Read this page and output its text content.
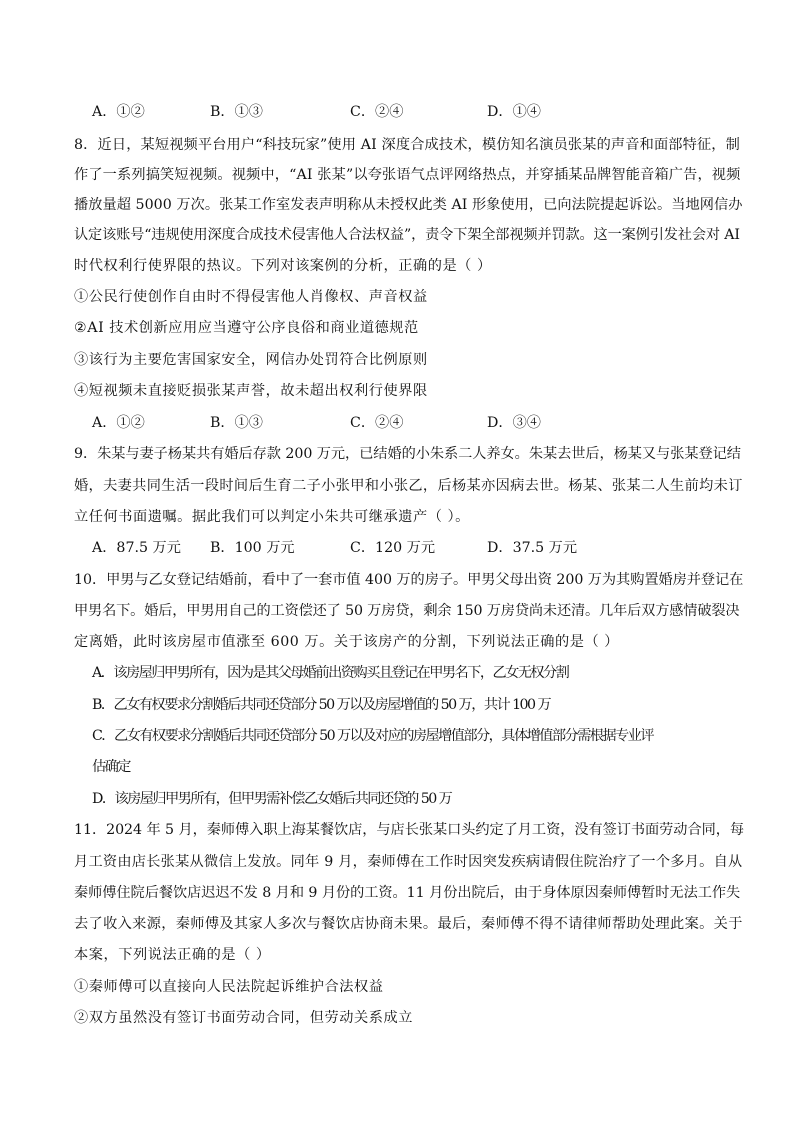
A．①②	B．①③	C．②④	D．①④
8．近日，某短视频平台用户“科技玩家”使用 AI 深度合成技术，模仿知名演员张某的声音和面部特征，制
作了一系列搞笑短视频。视频中，“AI 张某”以夸张语气点评网络热点，并穿插某品牌智能音箱广告，视频
播放量超 5000 万次。张某工作室发表声明称从未授权此类 AI 形象使用，已向法院提起诉讼。当地网信办
认定该账号“违规使用深度合成技术侵害他人合法权益”，责令下架全部视频并罚款。这一案例引发社会对 AI
时代权利行使界限的热议。下列对该案例的分析，正确的是（ ）
①公民行使创作自由时不得侵害他人肖像权、声音权益
②AI 技术创新应用应当遵守公序良俗和商业道德规范
③该行为主要危害国家安全，网信办处罚符合比例原则
④短视频未直接贬损张某声誉，故未超出权利行使界限
A．①②	B．①③	C．②④	D．③④
9．朱某与妻子杨某共有婚后存款 200 万元，已结婚的小朱系二人养女。朱某去世后，杨某又与张某登记结
婚，夫妻共同生活一段时间后生育二子小张甲和小张乙，后杨某亦因病去世。杨某、张某二人生前均未订
立任何书面遗嘱。据此我们可以判定小朱共可继承遗产（ ）。
A．87.5 万元 B．100 万元	C．120 万元	D．37.5 万元
10．甲男与乙女登记结婚前，看中了一套市值 400 万的房子。甲男父母出资 200 万为其购置婚房并登记在
甲男名下。婚后，甲男用自己的工资偿还了 50 万房贷，剩余 150 万房贷尚未还清。几年后双方感情破裂决
定离婚，此时该房屋市值涨至 600 万。关于该房产的分割，下列说法正确的是（ ）
A．该房屋归甲男所有，因为是其父母婚前出资购买且登记在甲男名下，乙女无权分割
B．乙女有权要求分割婚后共同还贷部分 50 万以及房屋增值的 50 万，共计 100 万
C．乙女有权要求分割婚后共同还贷部分 50 万以及对应的房屋增值部分，具体增值部分需根据专业评
估确定
D．该房屋归甲男所有，但甲男需补偿乙女婚后共同还贷的 50 万
11．2024 年 5 月，秦师傅入职上海某餐饮店，与店长张某口头约定了月工资，没有签订书面劳动合同，每
月工资由店长张某从微信上发放。同年 9 月，秦师傅在工作时因突发疾病请假住院治疗了一个多月。自从
秦师傅住院后餐饮店迟迟不发 8 月和 9 月份的工资。11 月份出院后，由于身体原因秦师傅暂时无法工作失
去了收入来源，秦师傅及其家人多次与餐饮店协商未果。最后，秦师傅不得不请律师帮助处理此案。关于
本案，下列说法正确的是（ ）
①秦师傅可以直接向人民法院起诉维护合法权益
②双方虽然没有签订书面劳动合同，但劳动关系成立
